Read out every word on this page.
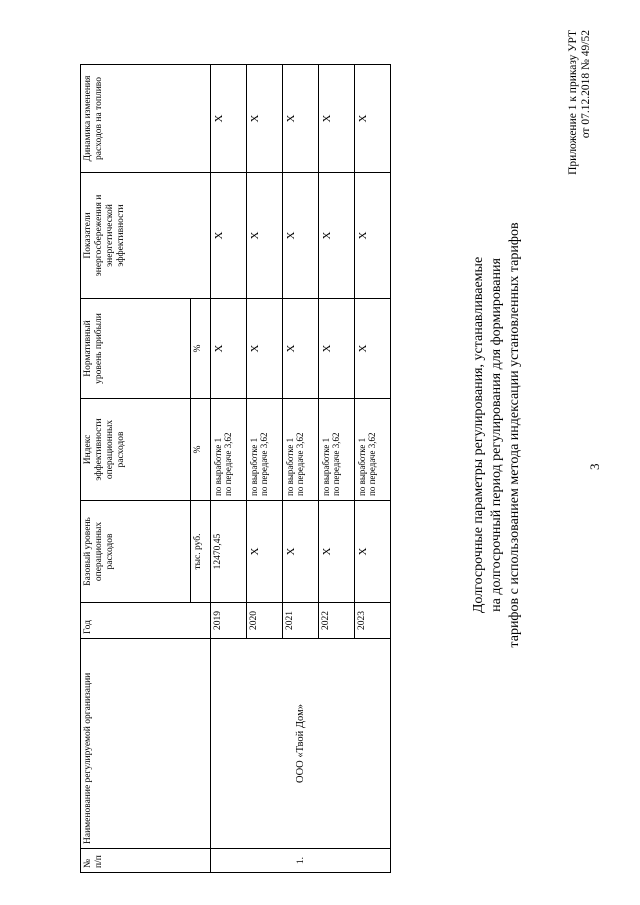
3
Приложение 1 к приказу УРТ от 07.12.2018 № 49/52
Долгосрочные параметры регулирования, устанавливаемые на долгосрочный период регулирования для формирования тарифов с использованием метода индексации установленных тарифов
№ п/п	Наименование регулируемой организации	Год	Базовый уровень операционных расходов	Индекс эффективности операционных расходов	Нормативный уровень прибыли	Показатели энергосбережения и энергетической эффективности	Динамика изменения расходов на топливо
			тыс. руб.	%	%		
1.	ООО «Твой Дом»	2019	12470,45	по выработке 1 по передаче 3,62	Х	Х	Х
		2020	Х	по выработке 1 по передаче 3,62	Х	Х	Х
		2021	Х	по выработке 1 по передаче 3,62	Х	Х	Х
		2022	Х	по выработке 1 по передаче 3,62	Х	Х	Х
		2023	Х	по выработке 1 по передаче 3,62	Х	Х	Х
